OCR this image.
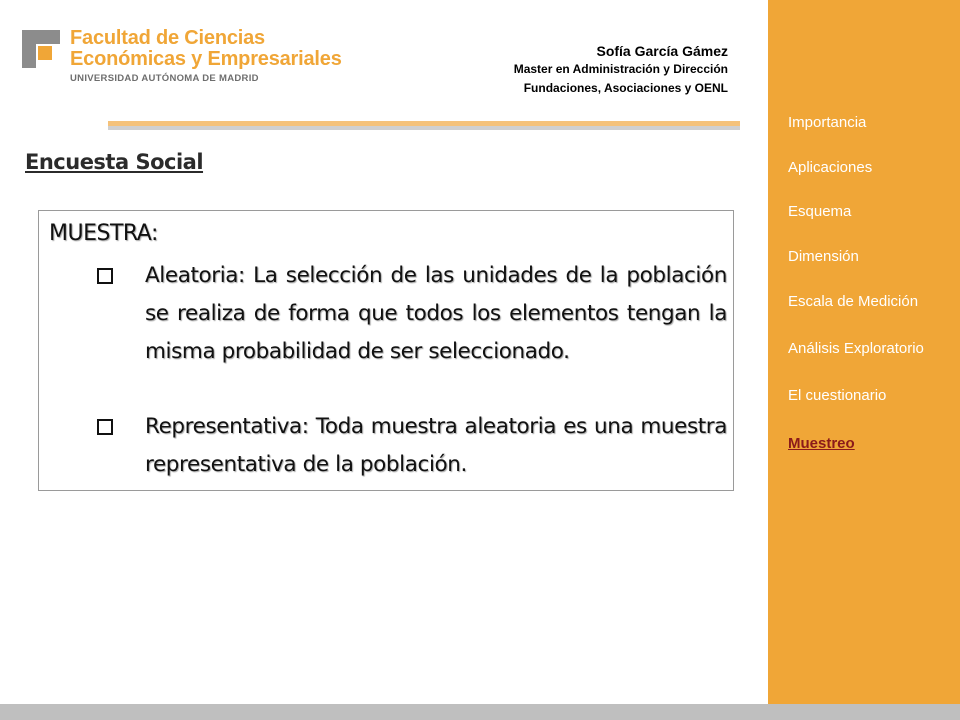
Facultad de Ciencias
Económicas y Empresariales
UNIVERSIDAD AUTÓNOMA DE MADRID
Sofía García Gámez
Master en Administración y Dirección
Fundaciones, Asociaciones y OENL
Encuesta Social
MUESTRA:
Aleatoria: La selección de las unidades de la población se realiza de forma que todos los elementos tengan la misma probabilidad de ser seleccionado.
Representativa: Toda muestra aleatoria es una muestra representativa de la población.
Importancia
Aplicaciones
Esquema
Dimensión
Escala de Medición
Análisis Exploratorio
El cuestionario
Muestreo
